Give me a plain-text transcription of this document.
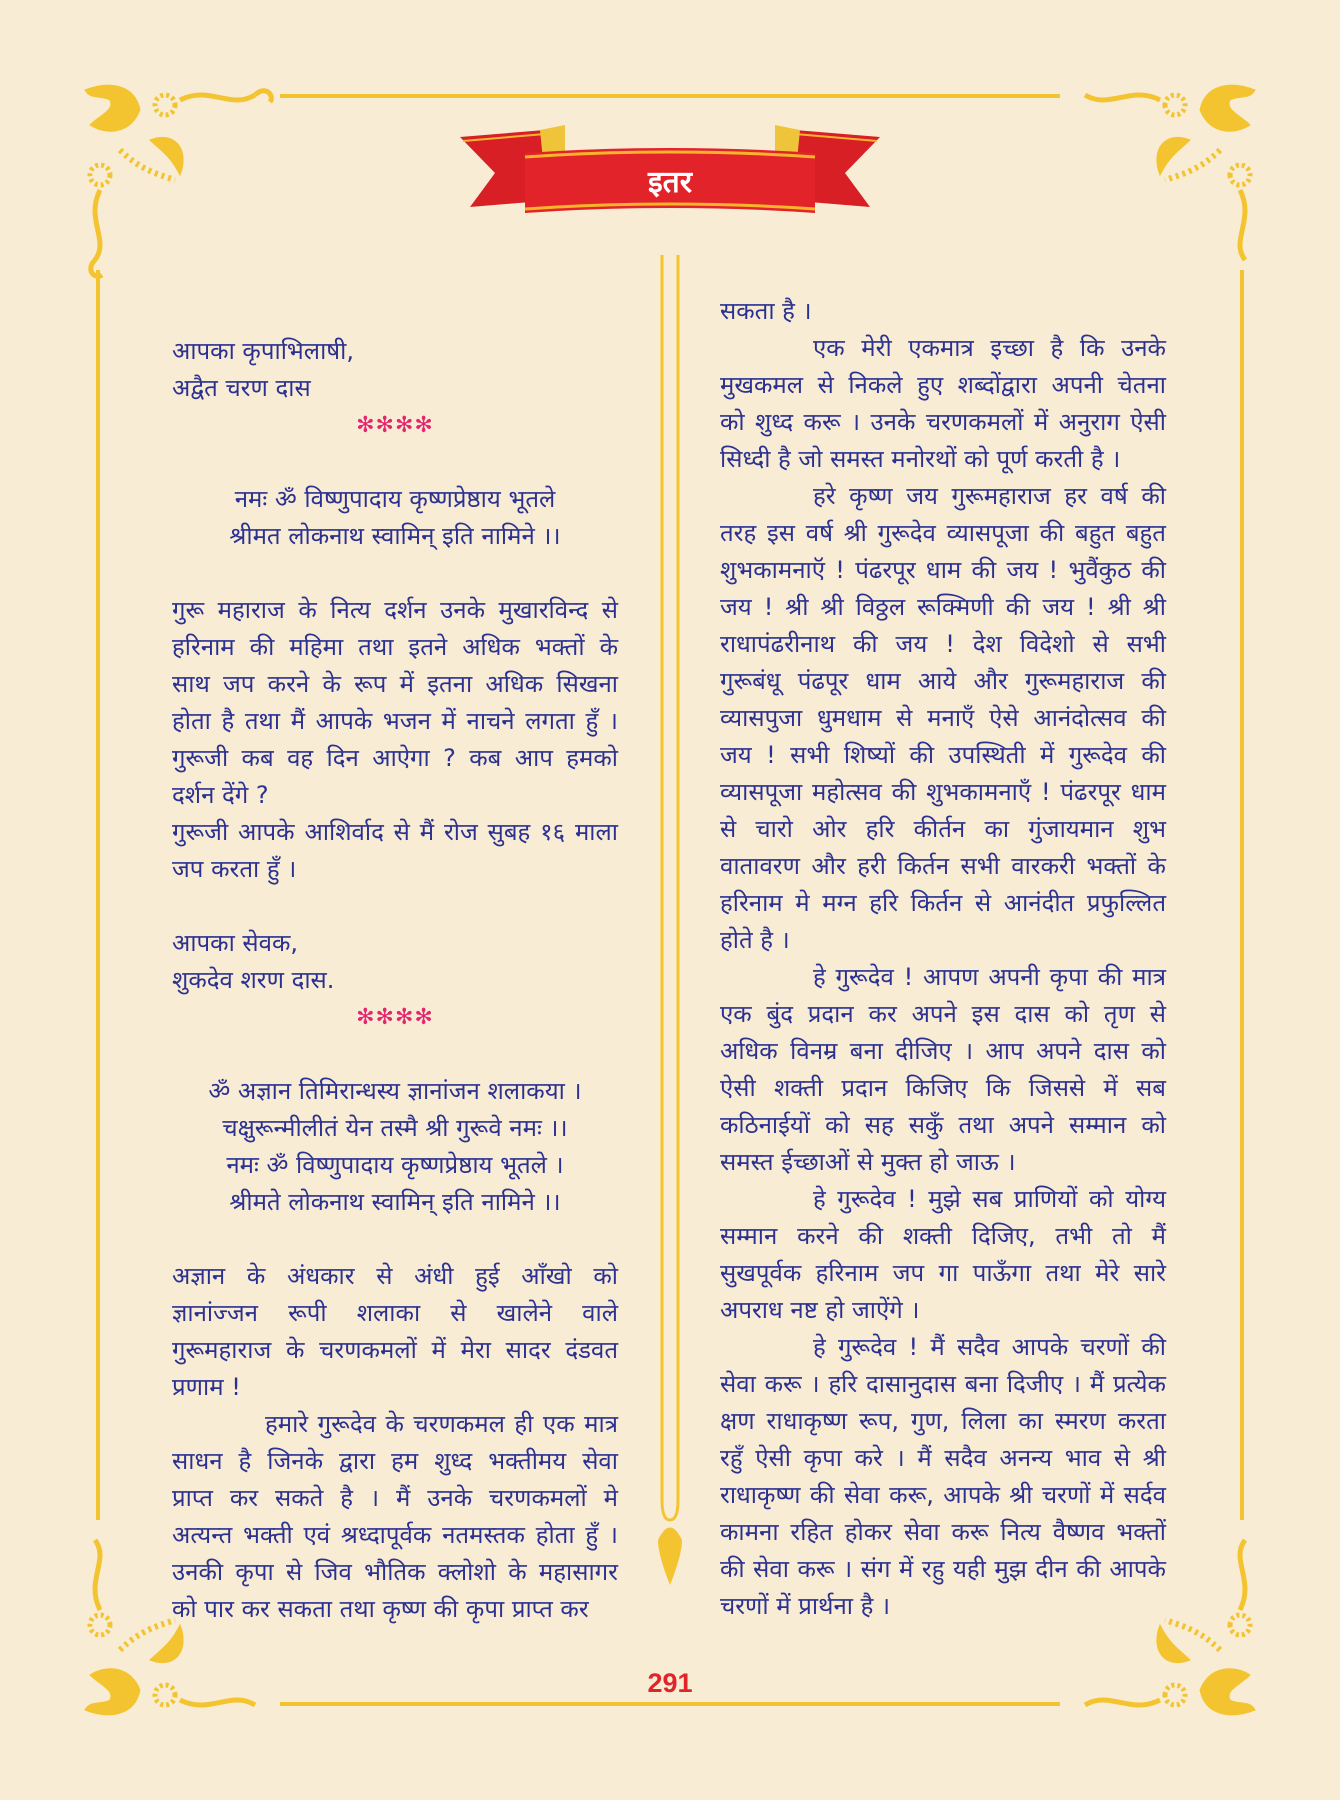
इतर
आपका कृपाभिलाषी,
अद्वैत चरण दास
✻✻✻✻
नमः ॐ विष्णुपादाय कृष्णप्रेष्ठाय भूतले
श्रीमत लोकनाथ स्वामिन् इति नामिने ।।
गुरू महाराज के नित्य दर्शन उनके मुखारविन्द से
हरिनाम की महिमा तथा इतने अधिक भक्तों के
साथ जप करने के रूप में इतना अधिक सिखना
होता है तथा मैं आपके भजन में नाचने लगता हुँ ।
गुरूजी कब वह दिन आऐगा ? कब आप हमको
दर्शन देंगे ?
गुरूजी आपके आशिर्वाद से मैं रोज सुबह १६ माला
जप करता हुँ ।
आपका सेवक,
शुकदेव शरण दास.
✻✻✻✻
ॐ अज्ञान तिमिरान्धस्य ज्ञानांजन शलाकया ।
चक्षुरून्मीलीतं येन तस्मै श्री गुरूवे नमः ।।
नमः ॐ विष्णुपादाय कृष्णप्रेष्ठाय भूतले ।
श्रीमते लोकनाथ स्वामिन् इति नामिने ।।
अज्ञान के अंधकार से अंधी हुई आँखो को
ज्ञानांज्जन रूपी शलाका से खालेने वाले
गुरूमहाराज के चरणकमलों में मेरा सादर दंडवत
प्रणाम !
हमारे गुरूदेव के चरणकमल ही एक मात्र
साधन है जिनके द्वारा हम शुध्द भक्तीमय सेवा
प्राप्त कर सकते है । मैं उनके चरणकमलों मे
अत्यन्त भक्ती एवं श्रध्दापूर्वक नतमस्तक होता हुँ ।
उनकी कृपा से जिव भौतिक क्लोशो के महासागर
को पार कर सकता तथा कृष्ण की कृपा प्राप्त कर
सकता है ।
एक मेरी एकमात्र इच्छा है कि उनके
मुखकमल से निकले हुए शब्दोंद्वारा अपनी चेतना
को शुध्द करू । उनके चरणकमलों में अनुराग ऐसी
सिध्दी है जो समस्त मनोरथों को पूर्ण करती है ।
हरे कृष्ण जय गुरूमहाराज हर वर्ष की
तरह इस वर्ष श्री गुरूदेव व्यासपूजा की बहुत बहुत
शुभकामनाऍ ! पंढरपूर धाम की जय ! भुवैंकुठ की
जय ! श्री श्री विठ्ठल रूक्मिणी की जय ! श्री श्री
राधापंढरीनाथ की जय ! देश विदेशो से सभी
गुरूबंधू पंढपूर धाम आये और गुरूमहाराज की
व्यासपुजा धुमधाम से मनाएँ ऐसे आनंदोत्सव की
जय ! सभी शिष्यों की उपस्थिती में गुरूदेव की
व्यासपूजा महोत्सव की शुभकामनाएँ ! पंढरपूर धाम
से चारो ओर हरि कीर्तन का गुंजायमान शुभ
वातावरण और हरी किर्तन सभी वारकरी भक्तों के
हरिनाम मे मग्न हरि किर्तन से आनंदीत प्रफुल्लित
होते है ।
हे गुरूदेव ! आपण अपनी कृपा की मात्र
एक बुंद प्रदान कर अपने इस दास को तृण से
अधिक विनम्र बना दीजिए । आप अपने दास को
ऐसी शक्ती प्रदान किजिए कि जिससे में सब
कठिनाईयों को सह सकुँ तथा अपने सम्मान को
समस्त ईच्छाओं से मुक्त हो जाऊ ।
हे गुरूदेव ! मुझे सब प्राणियों को योग्य
सम्मान करने की शक्ती दिजिए, तभी तो मैं
सुखपूर्वक हरिनाम जप गा पाऊँगा तथा मेरे सारे
अपराध नष्ट हो जाऐंगे ।
हे गुरूदेव ! मैं सदैव आपके चरणों की
सेवा करू । हरि दासानुदास बना दिजीए । मैं प्रत्येक
क्षण राधाकृष्ण रूप, गुण, लिला का स्मरण करता
रहुँ ऐसी कृपा करे । मैं सदैव अनन्य भाव से श्री
राधाकृष्ण की सेवा करू, आपके श्री चरणों में सर्दव
कामना रहित होकर सेवा करू नित्य वैष्णव भक्तों
की सेवा करू । संग में रहु यही मुझ दीन की आपके
चरणों में प्रार्थना है ।
291
